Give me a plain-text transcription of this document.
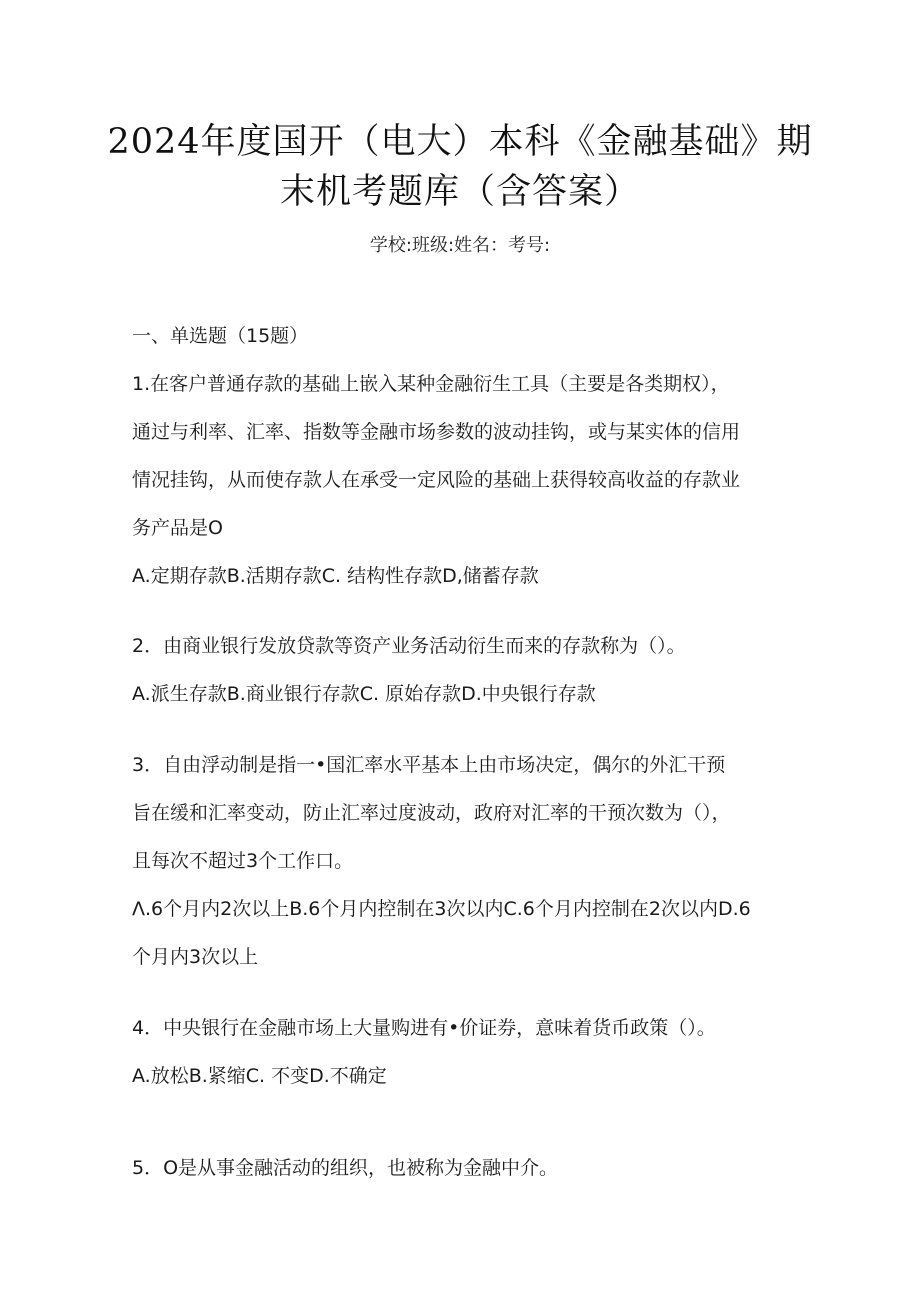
2024年度国开（电大）本科《金融基础》期
末机考题库（含答案）
学校:班级:姓名：考号:
一、单选题（15题）
1.在客户普通存款的基础上嵌入某种金融衍生工具（主要是各类期权），
通过与利率、汇率、指数等金融市场参数的波动挂钩，或与某实体的信用
情况挂钩，从而使存款人在承受一定风险的基础上获得较高收益的存款业
务产品是O
A.定期存款B.活期存款C. 结构性存款D,储蓄存款
2．由商业银行发放贷款等资产业务活动衍生而来的存款称为（）。
A.派生存款B.商业银行存款C. 原始存款D.中央银行存款
3．自由浮动制是指一•国汇率水平基本上由市场决定，偶尔的外汇干预
旨在缓和汇率变动，防止汇率过度波动，政府对汇率的干预次数为（），
且每次不超过3个工作口。
Λ.6个月内2次以上B.6个月内控制在3次以内C.6个月内控制在2次以内D.6
个月内3次以上
4．中央银行在金融市场上大量购进有•价证券，意味着货币政策（）。
A.放松B.紧缩C. 不变D.不确定
5．O是从事金融活动的组织，也被称为金融中介。
